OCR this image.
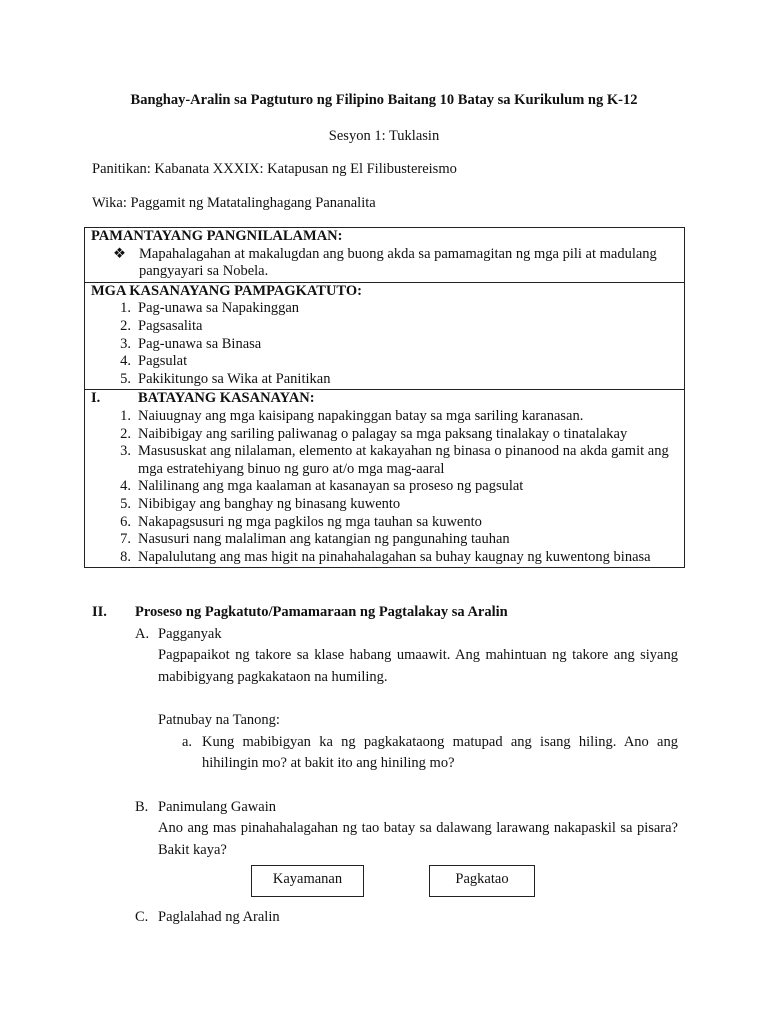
Banghay-Aralin sa Pagtuturo ng Filipino Baitang 10 Batay sa Kurikulum ng K-12
Sesyon 1: Tuklasin
Panitikan: Kabanata XXXIX: Katapusan ng El Filibustereismo
Wika: Paggamit ng Matatalinghagang Pananalita
PAMANTAYANG PANGNILALAMAN:
❖ Mapahalagahan at makalugdan ang buong akda sa pamamagitan ng mga pili at madulang pangyayari sa Nobela.

MGA KASANAYANG PAMPAGKATUTO:
1. Pag-unawa sa Napakinggan
2. Pagsasalita
3. Pag-unawa sa Binasa
4. Pagsulat
5. Pakikitungo sa Wika at Panitikan

I.	BATAYANG KASANAYAN:
1. Naiuugnay ang mga kaisipang napakinggan batay sa mga sariling karanasan.
2. Naibibigay ang sariling paliwanag o palagay sa mga paksang tinalakay o tinatalakay
3. Masususkat ang nilalaman, elemento at kakayahan ng binasa o pinanood na akda gamit ang mga estratehiyang binuo ng guro at/o mga mag-aaral
4. Nalilinang ang mga kaalaman at kasanayan sa proseso ng pagsulat
5. Nibibigay ang banghay ng binasang kuwento
6. Nakapagsusuri ng mga pagkilos ng mga tauhan sa kuwento
7. Nasusuri nang malaliman ang katangian ng pangunahing tauhan
8. Napalulutang ang mas higit na pinahahalagahan sa buhay kaugnay ng kuwentong binasa
II. Proseso ng Pagkatuto/Pamamaraan ng Pagtalakay sa Aralin
A. Pagganyak
Pagpapaikot ng takore sa klase habang umaawit. Ang mahintuan ng takore ang siyang mabibigyang pagkakataon na humiling.
Patnubay na Tanong:
a. Kung mabibigyan ka ng pagkakataong matupad ang isang hiling. Ano ang hihilingin mo? at bakit ito ang hiniling mo?
B. Panimulang Gawain
Ano ang mas pinahahalagahan ng tao batay sa dalawang larawang nakapaskil sa pisara? Bakit kaya?
Kayamanan	Pagkatao
C. Paglalahad ng Aralin
